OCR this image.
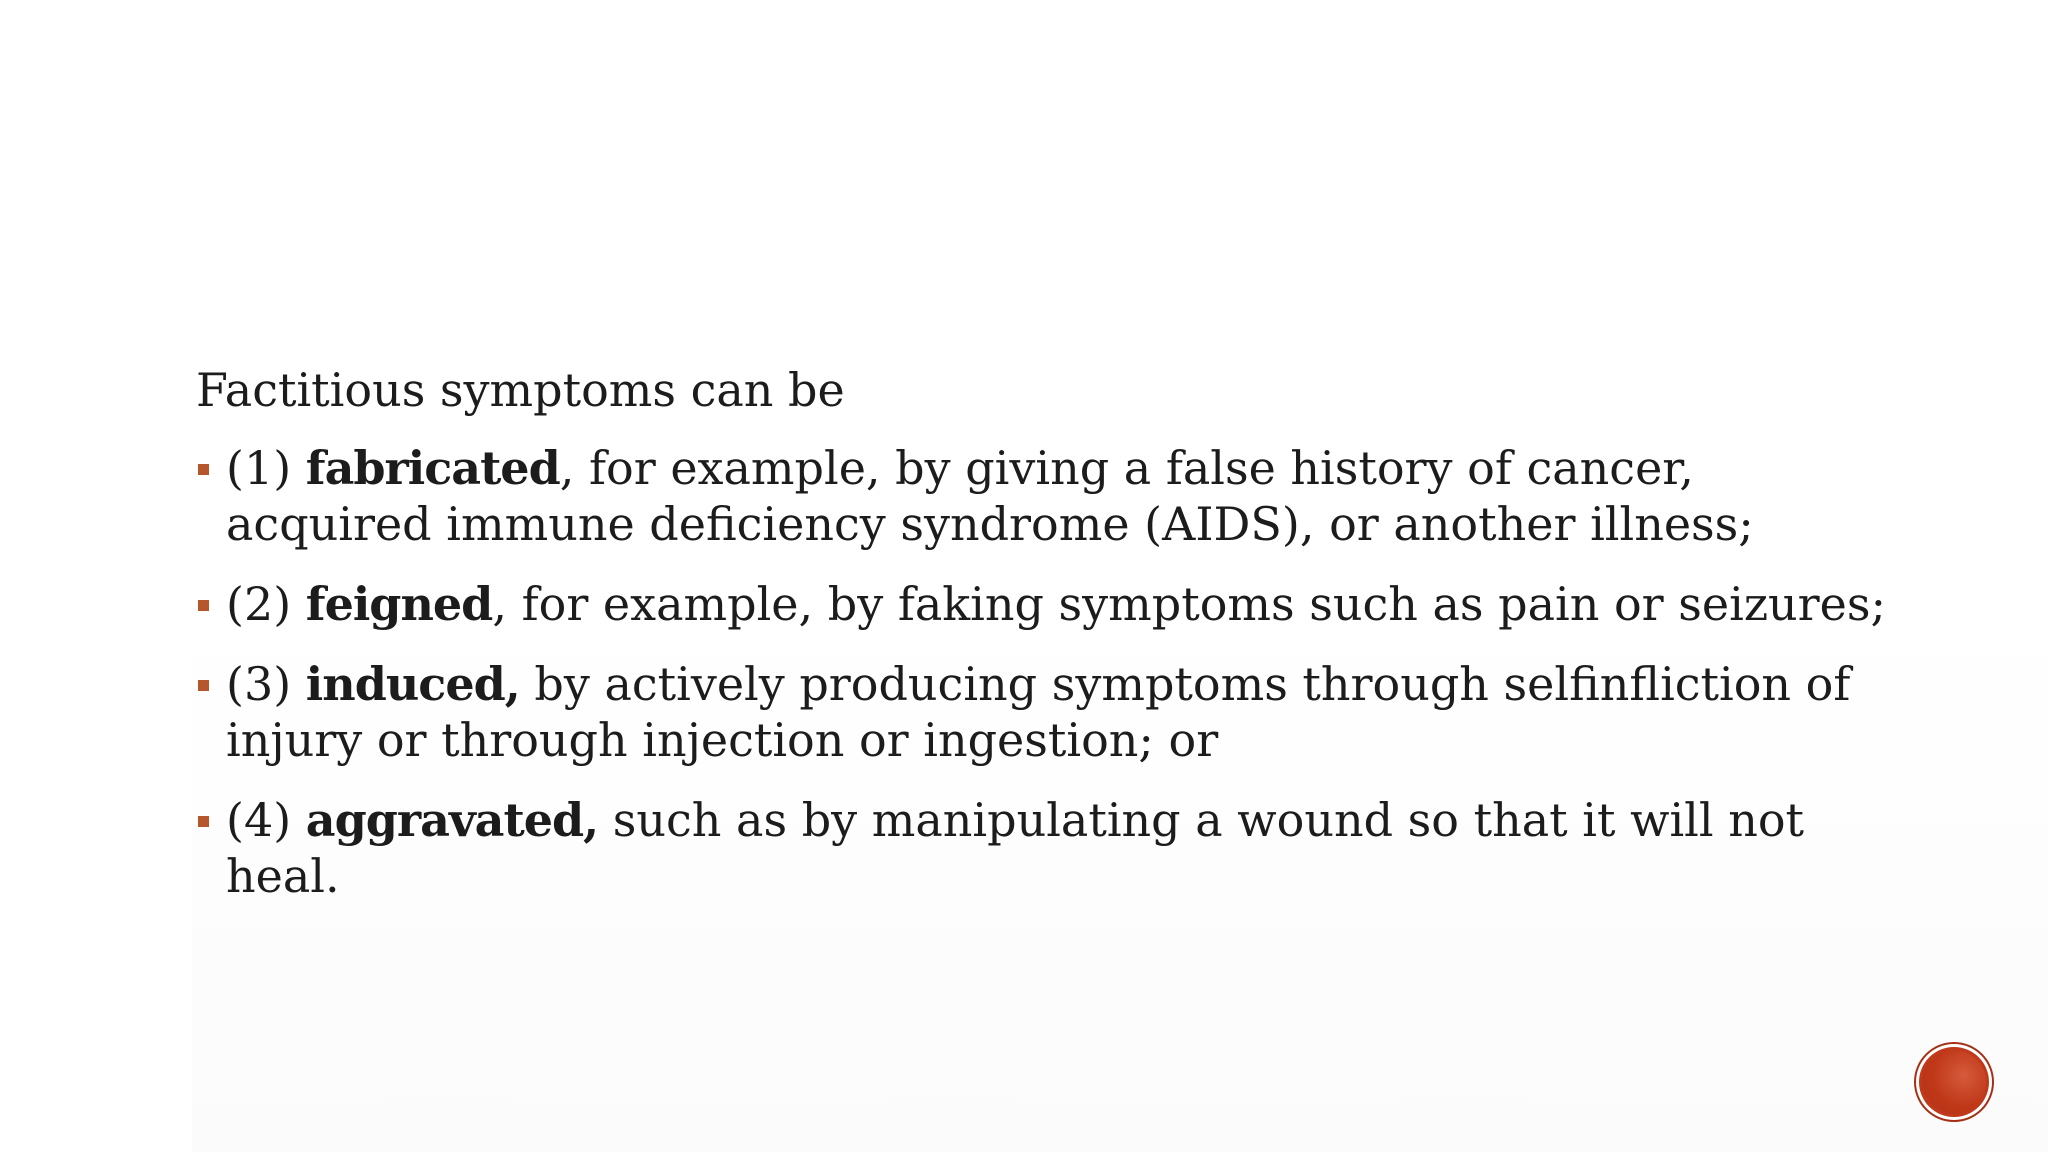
Factitious symptoms can be

(1) fabricated, for example, by giving a false history of cancer, acquired immune deficiency syndrome (AIDS), or another illness;
(2) feigned, for example, by faking symptoms such as pain or seizures;
(3) induced, by actively producing symptoms through selfinfliction of injury or through injection or ingestion; or
(4) aggravated, such as by manipulating a wound so that it will not heal.
